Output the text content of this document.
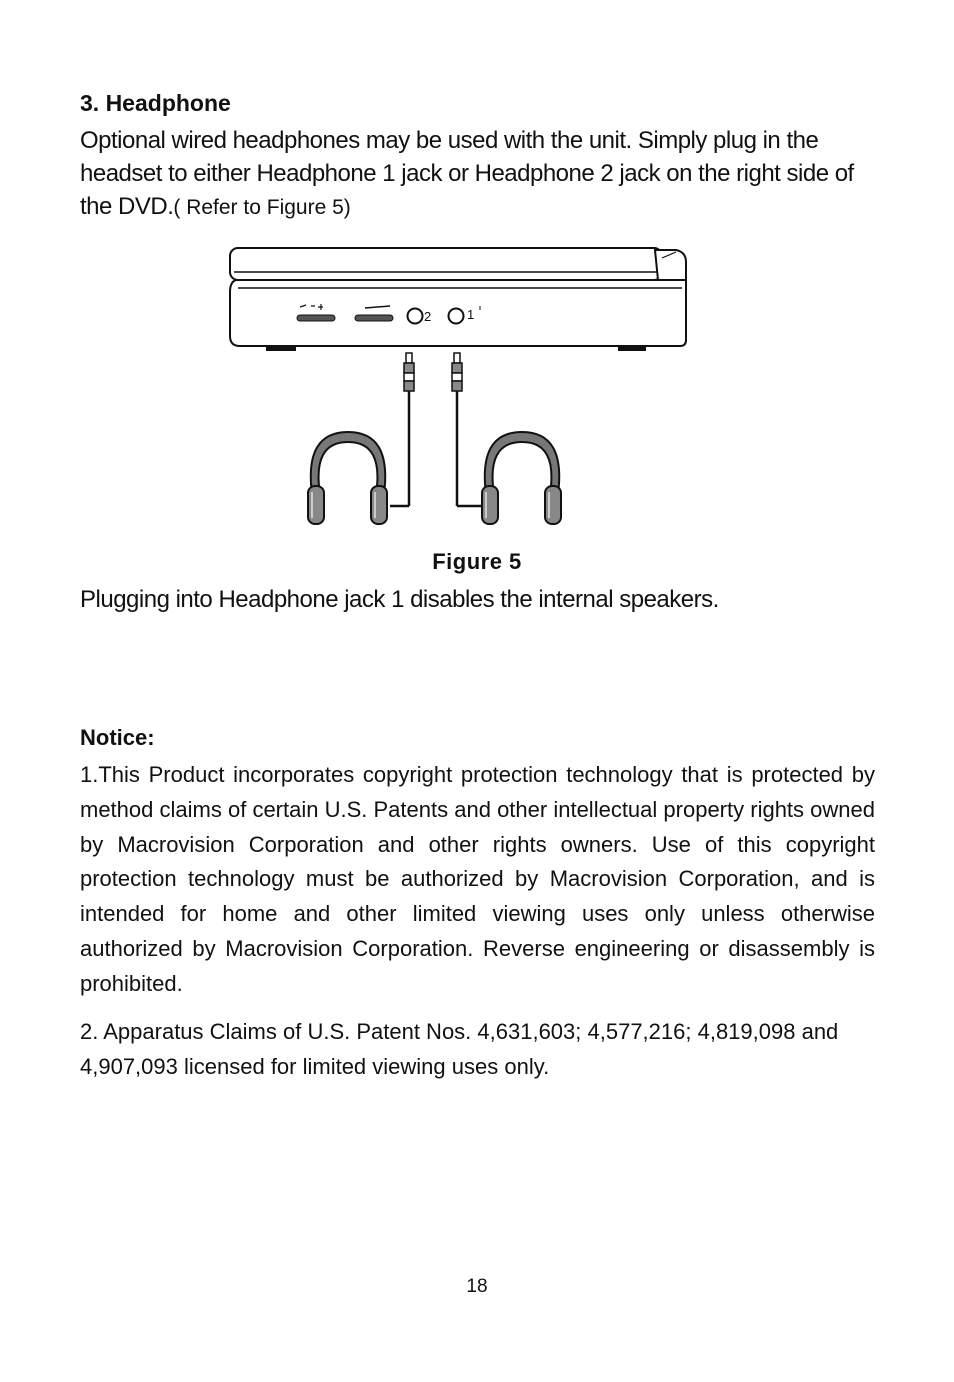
3. Headphone

Optional wired headphones may be used with the unit. Simply plug in the headset to either Headphone 1 jack or Headphone 2 jack on the right side of the DVD.( Refer to Figure 5)

2	1

Figure 5

Plugging into Headphone jack 1 disables the internal speakers.

Notice:

1.This Product incorporates copyright protection technology that is protected by method claims of certain U.S. Patents and other intellectual property rights owned by Macrovision Corporation and other rights owners. Use of this copyright protection technology must be authorized by Macrovision Corporation, and is intended for home and other limited viewing uses only unless otherwise authorized by Macrovision Corporation. Reverse engineering or disassembly is prohibited.

2. Apparatus Claims of U.S. Patent Nos. 4,631,603; 4,577,216; 4,819,098 and 4,907,093 licensed for limited viewing uses only.

18
